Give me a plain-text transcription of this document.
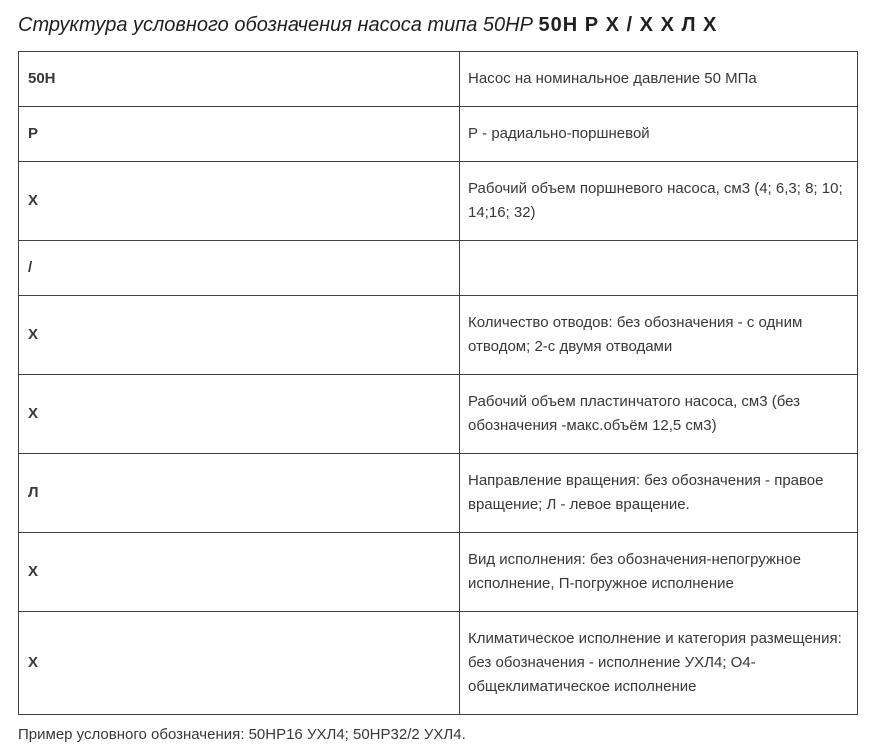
Структура условного обозначения насоса типа 50НР 50Н Р Х / Х Х Л Х
50Н	Насос на номинальное давление 50 МПа
Р	Р - радиально-поршневой
Х	Рабочий объем поршневого насоса, см3 (4; 6,3; 8; 10; 14;16; 32)
/	
Х	Количество отводов: без обозначения - с одним отводом; 2-с двумя отводами
Х	Рабочий объем пластинчатого насоса, см3 (без обозначения -макс.объём 12,5 см3)
Л	Направление вращения: без обозначения - правое вращение; Л - левое вращение.
Х	Вид исполнения: без обозначения-непогружное исполнение, П-погружное исполнение
Х	Климатическое исполнение и категория размещения: без обозначения - исполнение УХЛ4; О4-общеклиматическое исполнение

Пример условного обозначения: 50НР16 УХЛ4; 50НР32/2 УХЛ4.
